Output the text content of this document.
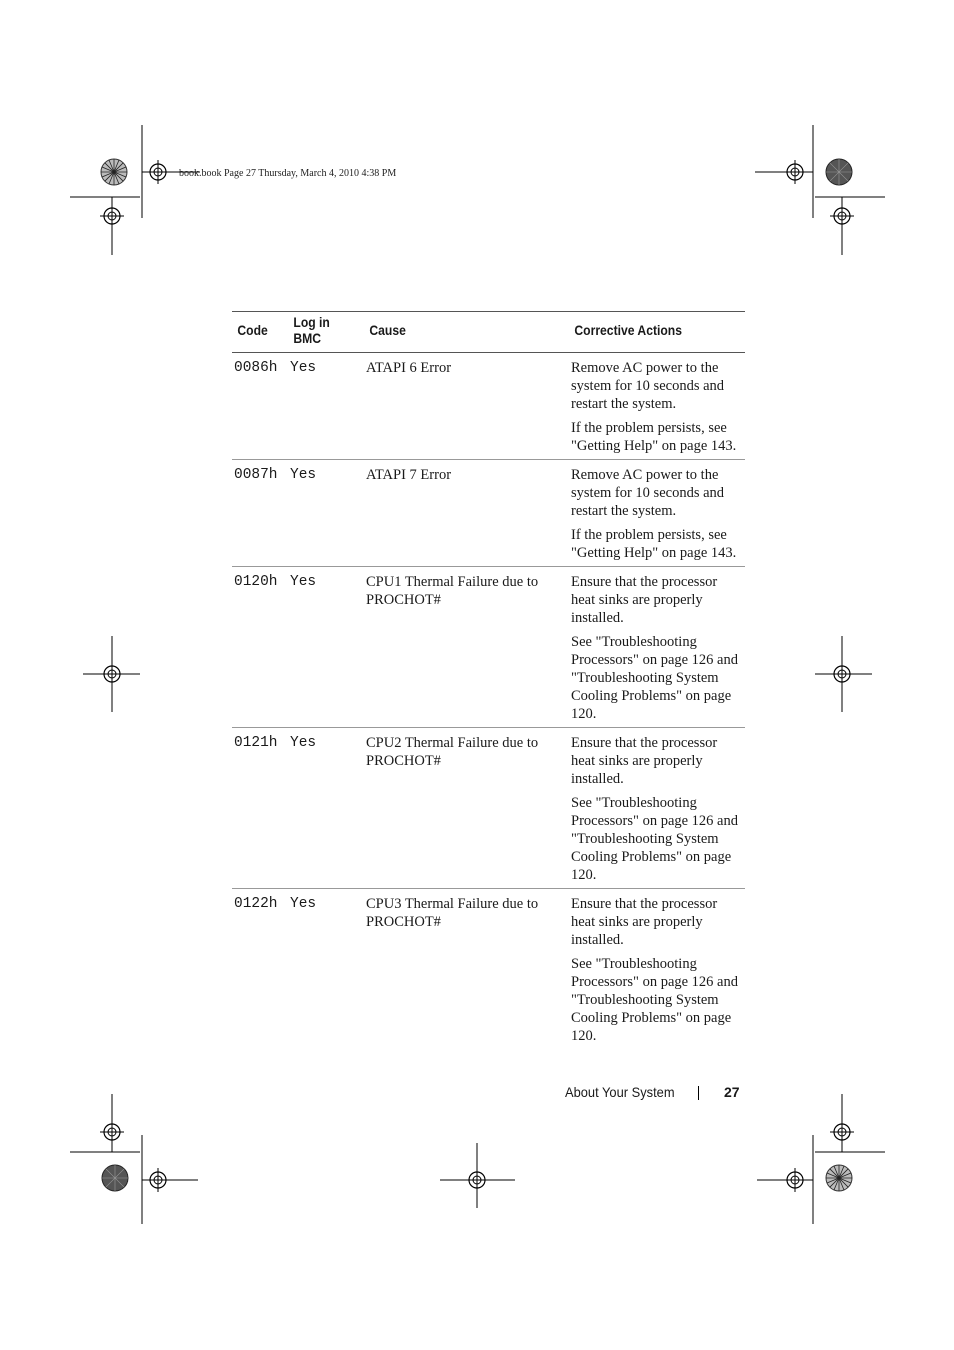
book.book Page 27 Thursday, March 4, 2010 4:38 PM
Code	Log in BMC	Cause	Corrective Actions
0086h	Yes	ATAPI 6 Error	Remove AC power to the system for 10 seconds and restart the system.

If the problem persists, see "Getting Help" on page 143.

0087h	Yes	ATAPI 7 Error	Remove AC power to the system for 10 seconds and restart the system.

If the problem persists, see "Getting Help" on page 143.

0120h	Yes	CPU1 Thermal Failure due to PROCHOT#	Ensure that the processor heat sinks are properly installed.

See "Troubleshooting Processors" on page 126 and "Troubleshooting System Cooling Problems" on page 120.

0121h	Yes	CPU2 Thermal Failure due to PROCHOT#	Ensure that the processor heat sinks are properly installed.

See "Troubleshooting Processors" on page 126 and "Troubleshooting System Cooling Problems" on page 120.

0122h	Yes	CPU3 Thermal Failure due to PROCHOT#	Ensure that the processor heat sinks are properly installed.

See "Troubleshooting Processors" on page 126 and "Troubleshooting System Cooling Problems" on page 120.

About Your System	27
